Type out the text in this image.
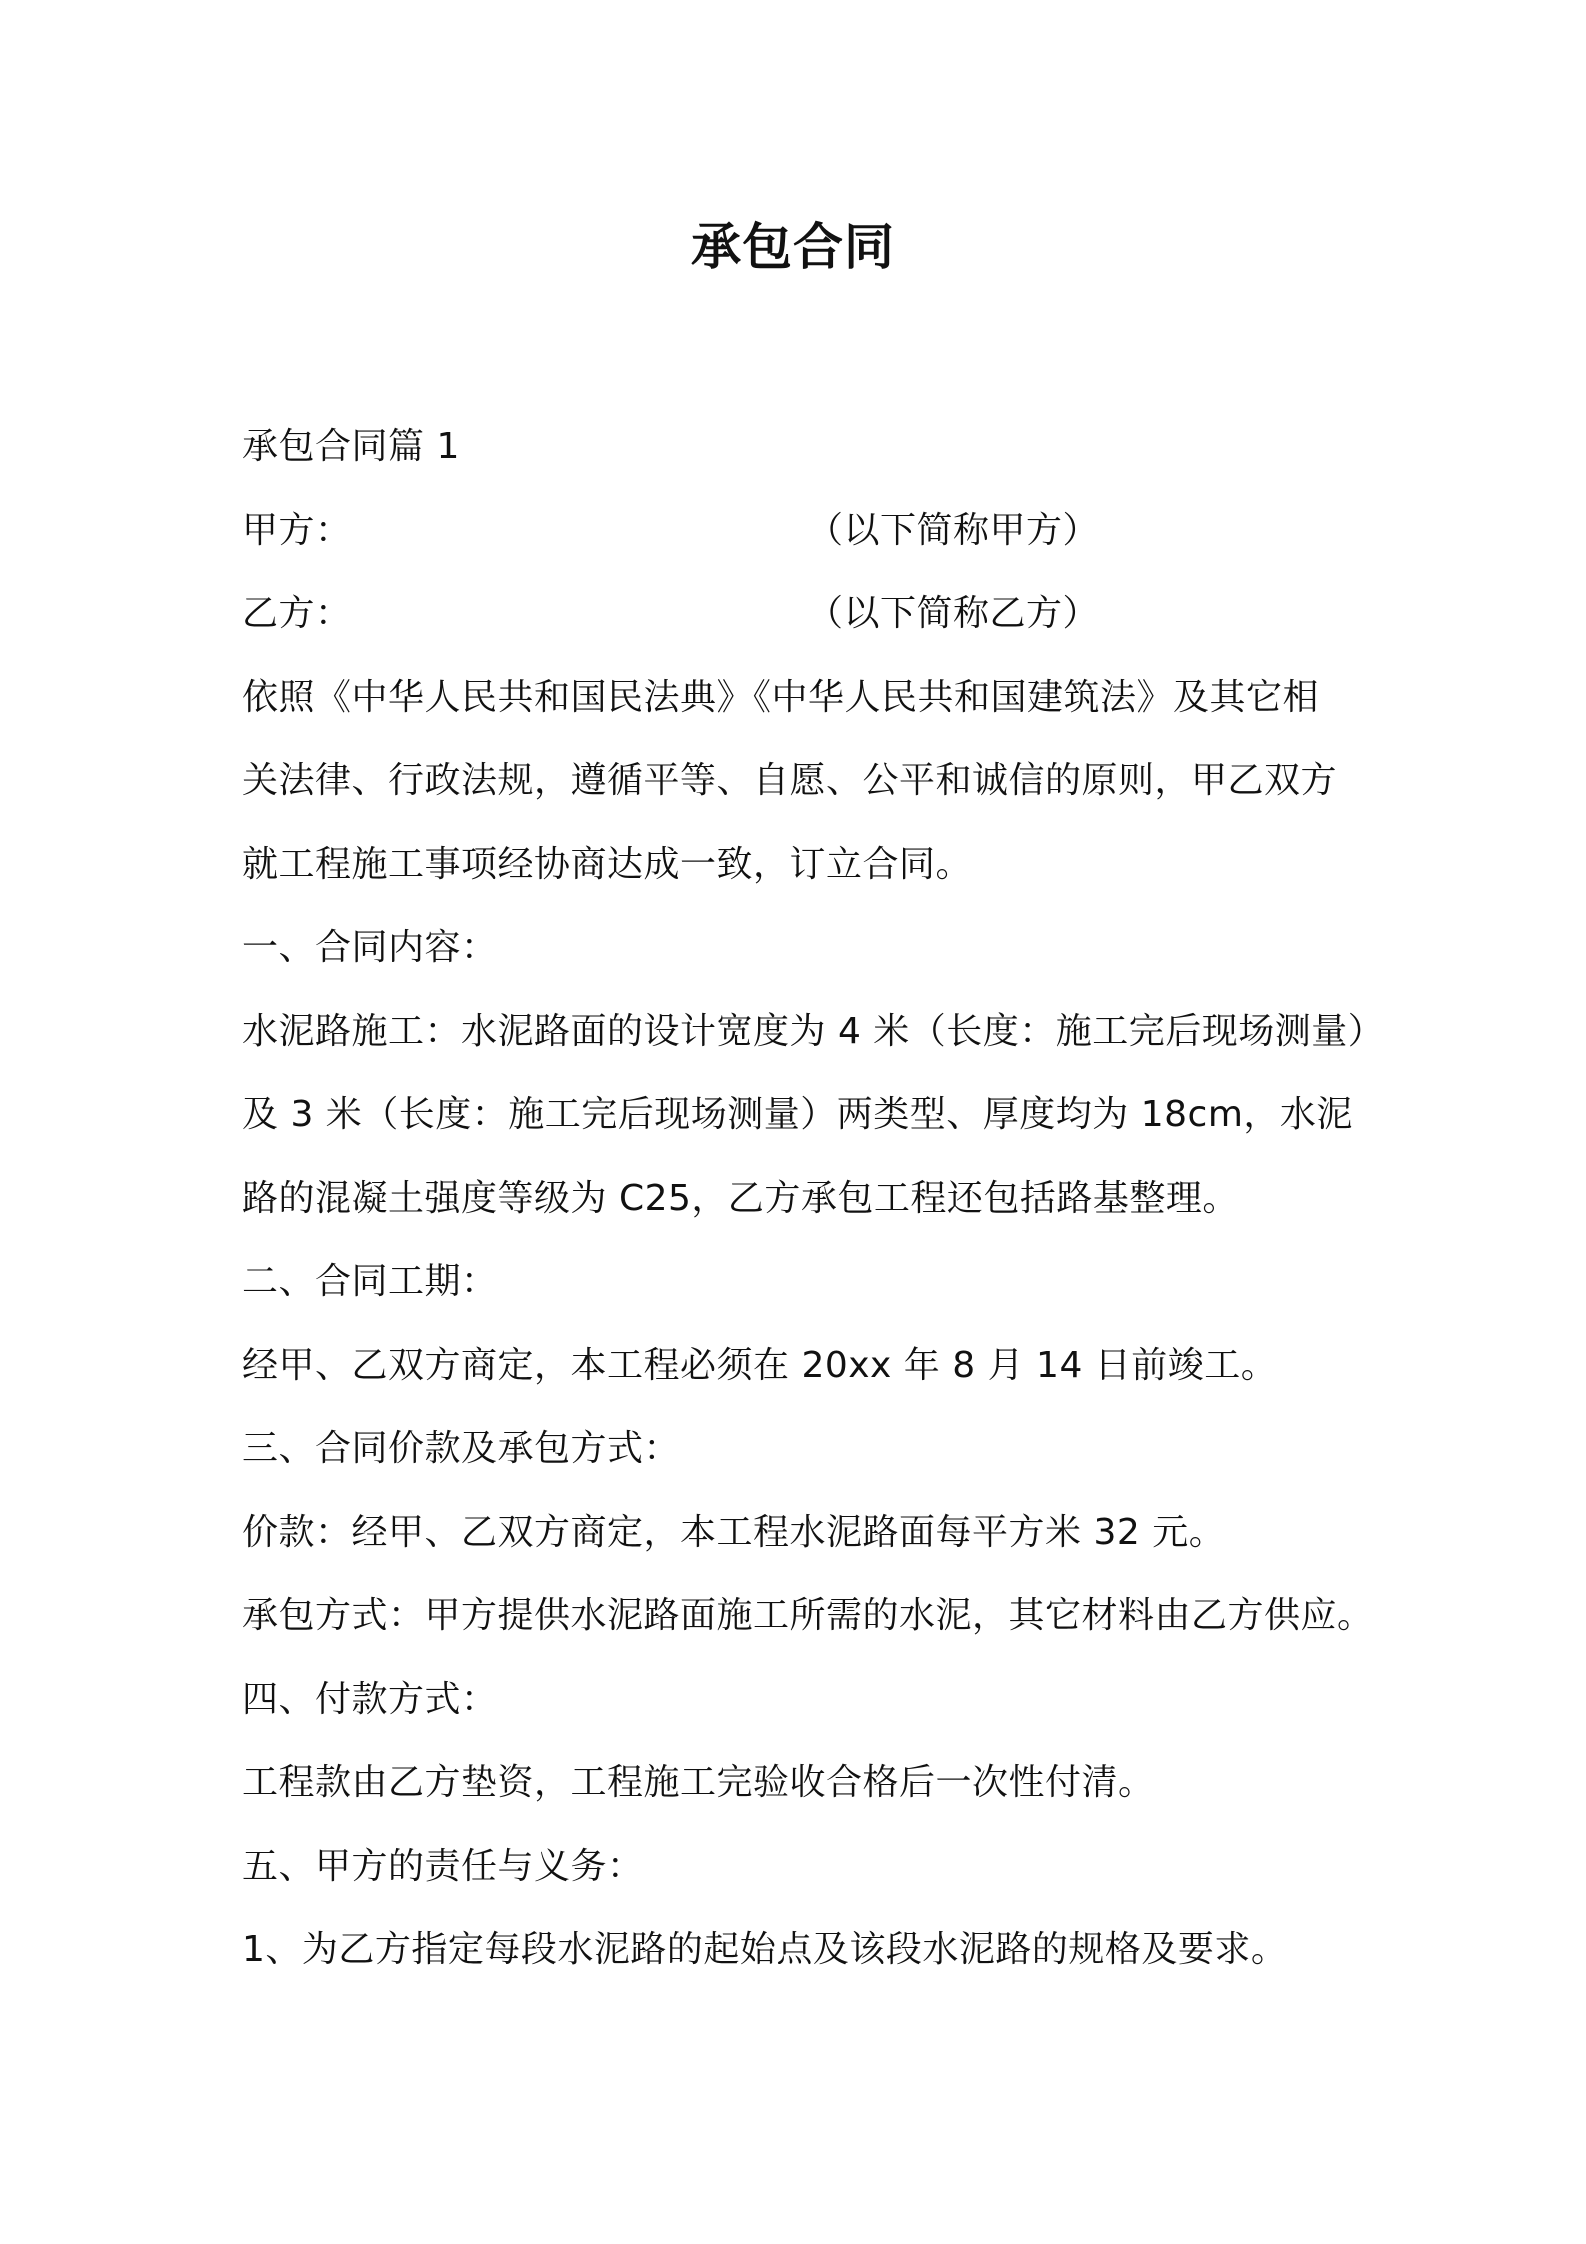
承包合同
承包合同篇 1
甲方：	（以下简称甲方）
乙方：	（以下简称乙方）
依照《中华人民共和国民法典》《中华人民共和国建筑法》及其它相
关法律、行政法规，遵循平等、自愿、公平和诚信的原则，甲乙双方
就工程施工事项经协商达成一致，订立合同。
一、合同内容：
水泥路施工：水泥路面的设计宽度为 4 米（长度：施工完后现场测量）
及 3 米（长度：施工完后现场测量）两类型、厚度均为 18cm，水泥
路的混凝土强度等级为 C25，乙方承包工程还包括路基整理。
二、合同工期：
经甲、乙双方商定，本工程必须在 20xx 年 8 月 14 日前竣工。
三、合同价款及承包方式：
价款：经甲、乙双方商定，本工程水泥路面每平方米 32 元。
承包方式：甲方提供水泥路面施工所需的水泥，其它材料由乙方供应。
四、付款方式：
工程款由乙方垫资，工程施工完验收合格后一次性付清。
五、甲方的责任与义务：
1、为乙方指定每段水泥路的起始点及该段水泥路的规格及要求。
